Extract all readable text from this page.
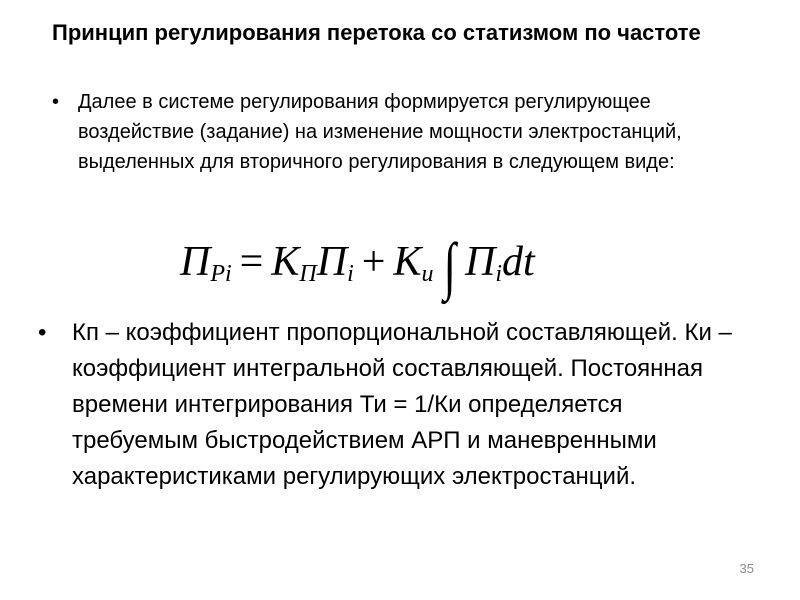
Принцип регулирования перетока со статизмом по частоте
• Далее в системе регулирования формируется регулирующее воздействие (задание) на изменение мощности электростанций, выделенных для вторичного регулирования в следующем виде:
П Pi = K П П i + K и ∫ П i dt
•	Кп – коэффициент пропорциональной составляющей. Ки – коэффициент интегральной составляющей. Постоянная времени интегрирования Ти = 1/Ки определяется требуемым быстродействием АРП и маневренными характеристиками регулирующих электростанций.
35
